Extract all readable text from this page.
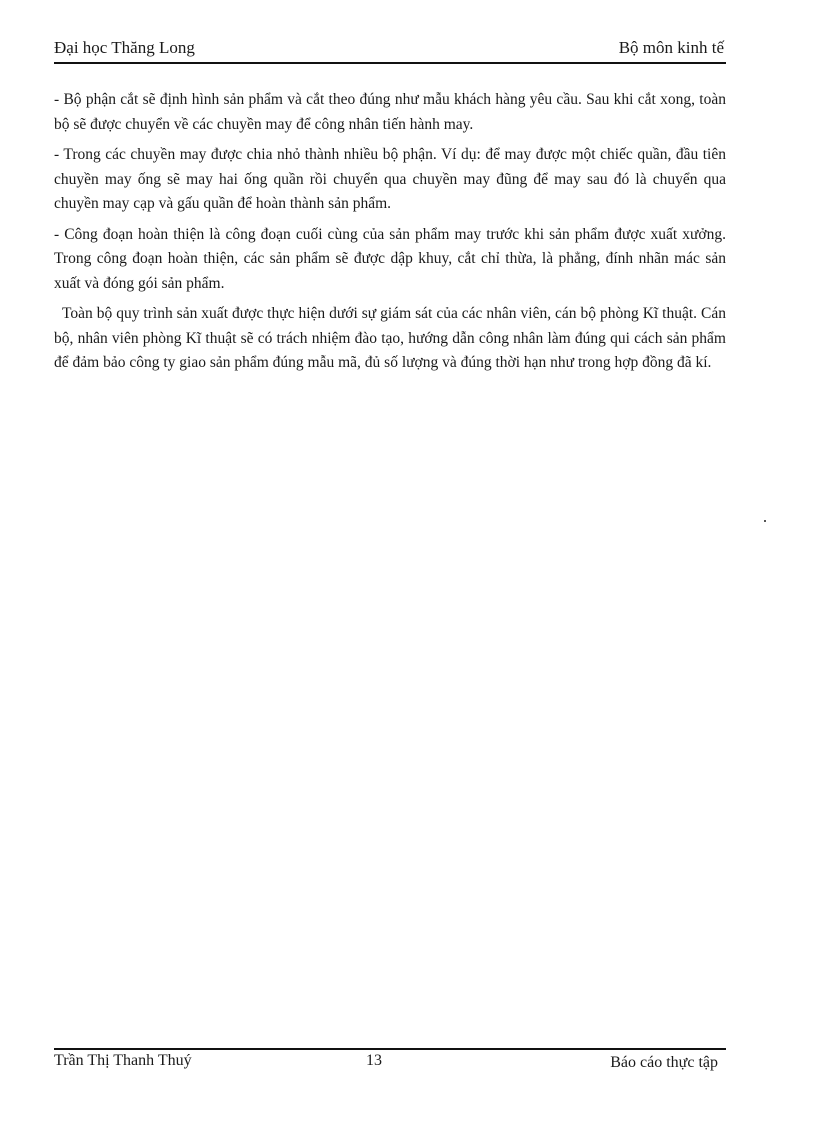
Đại học Thăng Long	Bộ môn kinh tế

- Bộ phận cắt sẽ định hình sản phẩm và cắt theo đúng như mẫu khách hàng yêu cầu. Sau khi cắt xong, toàn bộ sẽ được chuyển về các chuyền may để công nhân tiến hành may.

- Trong các chuyền may được chia nhỏ thành nhiều bộ phận. Ví dụ: để may được một chiếc quần, đầu tiên chuyền may ống sẽ may hai ống quần rồi chuyển qua chuyền may đũng để may sau đó là chuyển qua chuyền may cạp và gấu quần để hoàn thành sản phẩm.

- Công đoạn hoàn thiện là công đoạn cuối cùng của sản phẩm may trước khi sản phẩm được xuất xưởng. Trong công đoạn hoàn thiện, các sản phẩm sẽ được dập khuy, cắt chỉ thừa, là phẳng, đính nhãn mác sản xuất và đóng gói sản phẩm.

Toàn bộ quy trình sản xuất được thực hiện dưới sự giám sát của các nhân viên, cán bộ phòng Kĩ thuật. Cán bộ, nhân viên phòng Kĩ thuật sẽ có trách nhiệm đào tạo, hướng dẫn công nhân làm đúng qui cách sản phẩm để đảm bảo công ty giao sản phẩm đúng mẫu mã, đủ số lượng và đúng thời hạn như trong hợp đồng đã kí.

Trần Thị Thanh Thuý	13	Báo cáo thực tập
